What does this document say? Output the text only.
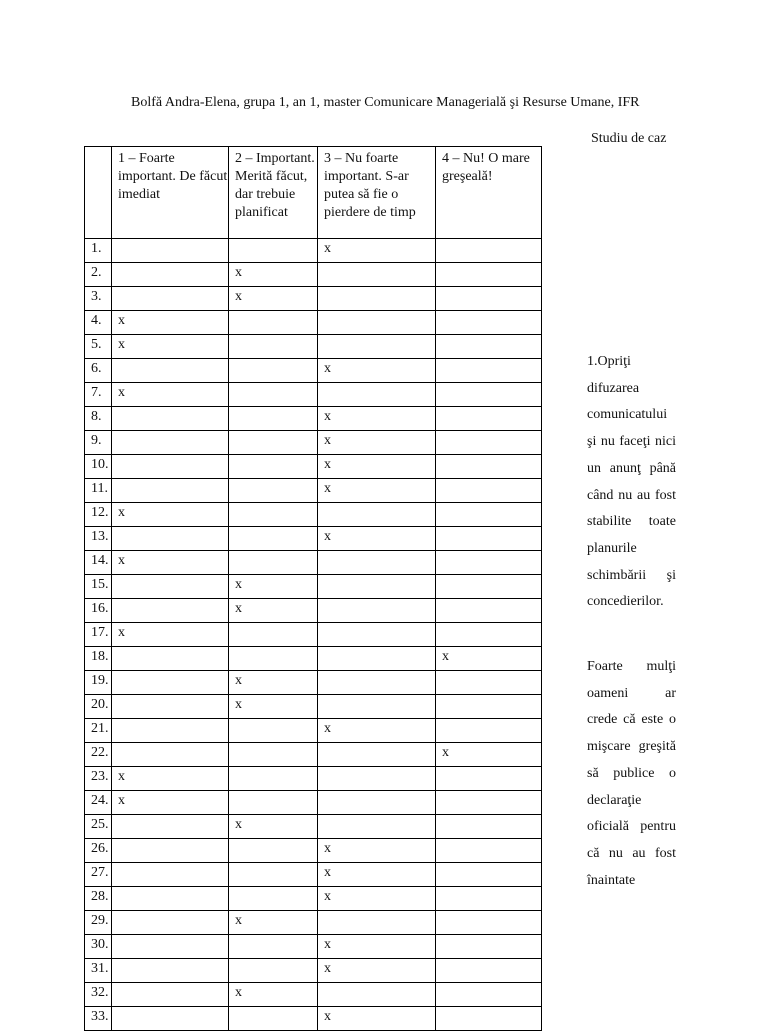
Bolfă Andra-Elena, grupa 1, an 1, master Comunicare Managerială şi Resurse Umane, IFR
Studiu de caz
	1 – Foarte important. De făcut imediat	2 – Important. Merită făcut, dar trebuie planificat	3 – Nu foarte important. S-ar putea să fie o pierdere de timp	4 – Nu! O mare greşeală!
1.			x	
2.		x		
3.		x		
4.	x			
5.	x			
6.			x	
7.	x			
8.			x	
9.			x	
10.			x	
11.			x	
12.	x			
13.			x	
14.	x			
15.		x		
16.		x		
17.	x			
18.				x
19.		x		
20.		x		
21.			x	
22.				x
23.	x			
24.	x			
25.		x		
26.			x	
27.			x	
28.			x	
29.		x		
30.			x	
31.			x	
32.		x		
33.			x	

1.Opriţi difuzarea comunicatului şi nu faceţi nici un anunţ până când nu au fost stabilite toate planurile schimbării şi concedierilor.

Foarte mulţi oameni ar crede că este o mişcare greşită să publice o declaraţie oficială pentru că nu au fost înaintate
